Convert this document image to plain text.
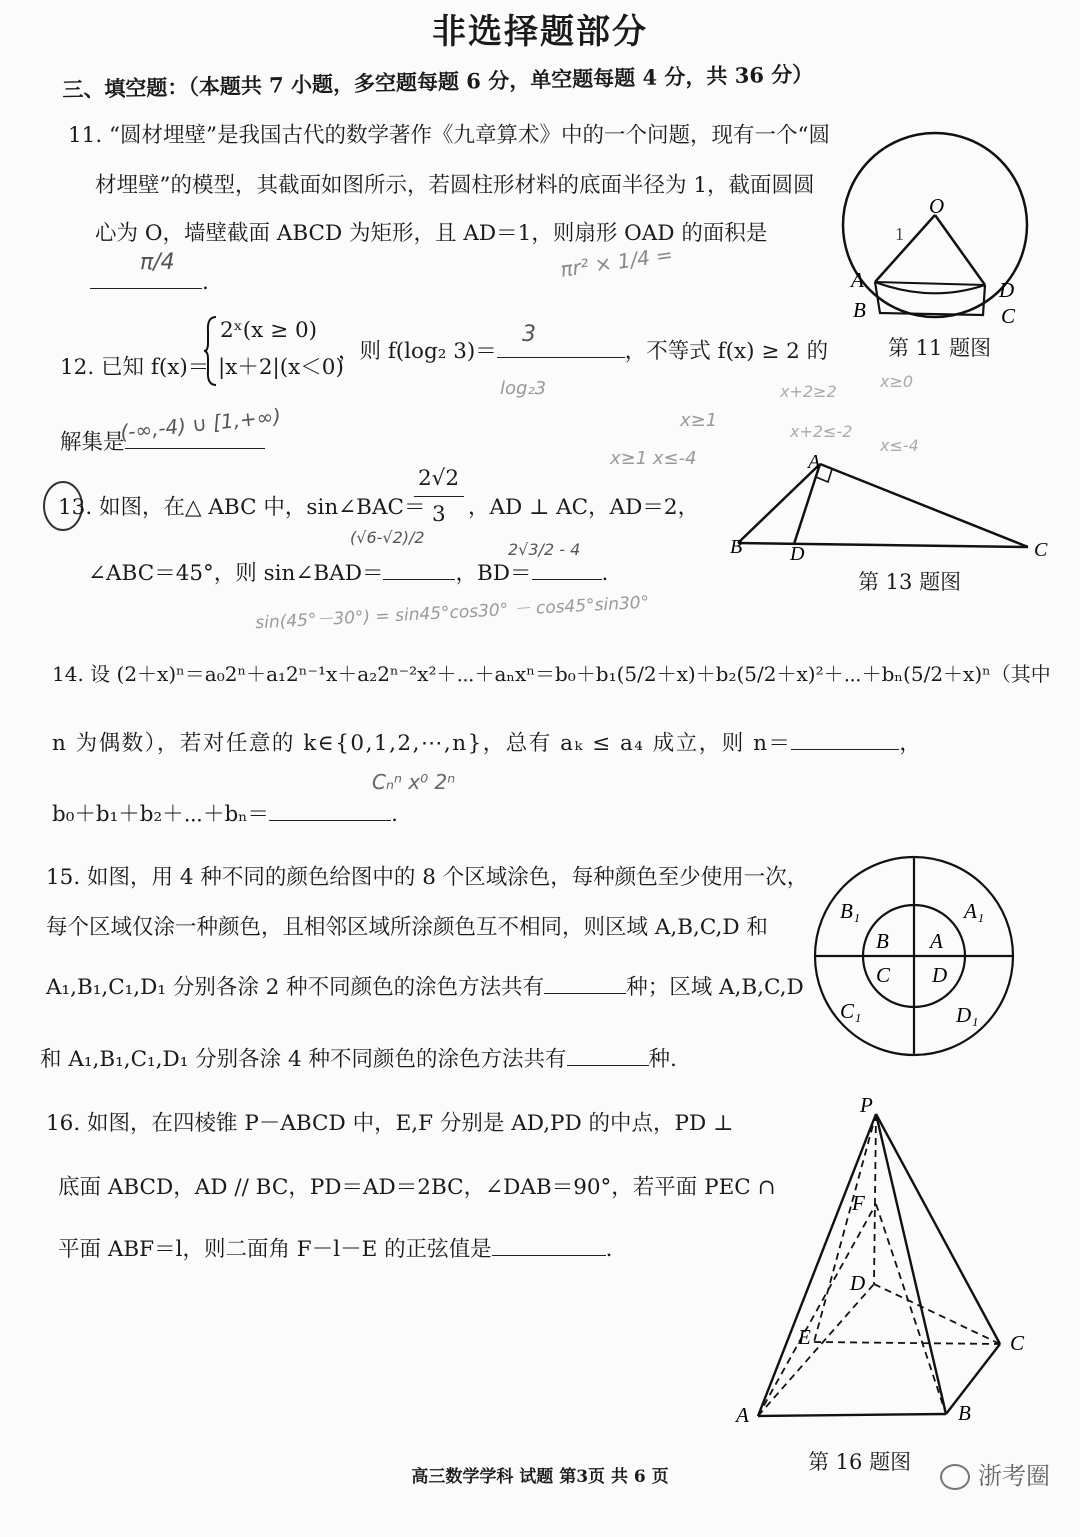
非选择题部分
三、填空题：（本题共 7 小题，多空题每题 6 分，单空题每题 4 分，共 36 分）
11. “圆材埋壁”是我国古代的数学著作《九章算术》中的一个问题，现有一个“圆
材埋壁”的模型，其截面如图所示，若圆柱形材料的底面半径为 1，截面圆圆
心为 O，墙壁截面 ABCD 为矩形，且 AD＝1，则扇形 OAD 的面积是
.
π/4	πr² × 1/4 =
O
A
B
D
C
1
第 11 题图
12. 已知 f(x)＝
2ˣ(x ≥ 0)
|x＋2|(x＜0)
，则 f(log₂ 3)＝	，不等式 f(x) ≥ 2 的
3
解集是
(-∞,-4) ∪ [1,+∞)
log₂3
x≥1
x≥1 x≤-4
x+2≥2
x+2≤-2
x≤-4
x≥0
13. 如图，在△ ABC 中，sin∠BAC＝
2√2
3 ，AD ⊥ AC，AD＝2，
∠ABC＝45°，则 sin∠BAD＝	，BD＝	.
(√6-√2)/2
2√3/2 - 4
sin(45°－30°) = sin45°cos30° － cos45°sin30°
A
B D	C
第 13 题图
14. 设 (2＋x)ⁿ＝a₀2ⁿ＋a₁2ⁿ⁻¹x＋a₂2ⁿ⁻²x²＋⋯＋aₙxⁿ＝b₀＋b₁(5/2＋x)＋b₂(5/2＋x)²＋⋯＋bₙ(5/2＋x)ⁿ（其中
n 为偶数），若对任意的 k∈{0,1,2,⋯,n}，总有 aₖ ≤ a₄ 成立，则 n＝	，
Cₙⁿ x⁰ 2ⁿ
b₀＋b₁＋b₂＋⋯＋bₙ＝	.
15. 如图，用 4 种不同的颜色给图中的 8 个区域涂色，每种颜色至少使用一次，
每个区域仅涂一种颜色，且相邻区域所涂颜色互不相同，则区域 A,B,C,D 和
A₁,B₁,C₁,D₁ 分别各涂 2 种不同颜色的涂色方法共有	种；区域 A,B,C,D
和 A₁,B₁,C₁,D₁ 分别各涂 4 种不同颜色的涂色方法共有	种.
B₁	A₁
C₁	D₁
B A
C D
16. 如图，在四棱锥 P－ABCD 中，E,F 分别是 AD,PD 的中点，PD ⊥
底面 ABCD，AD // BC，PD＝AD＝2BC，∠DAB＝90°，若平面 PEC ∩
平面 ABF＝l，则二面角 F－l－E 的正弦值是	.
P
F
D
E	C
A	B
第 16 题图
高三数学学科 试题 第3页 共 6 页	浙考圈
